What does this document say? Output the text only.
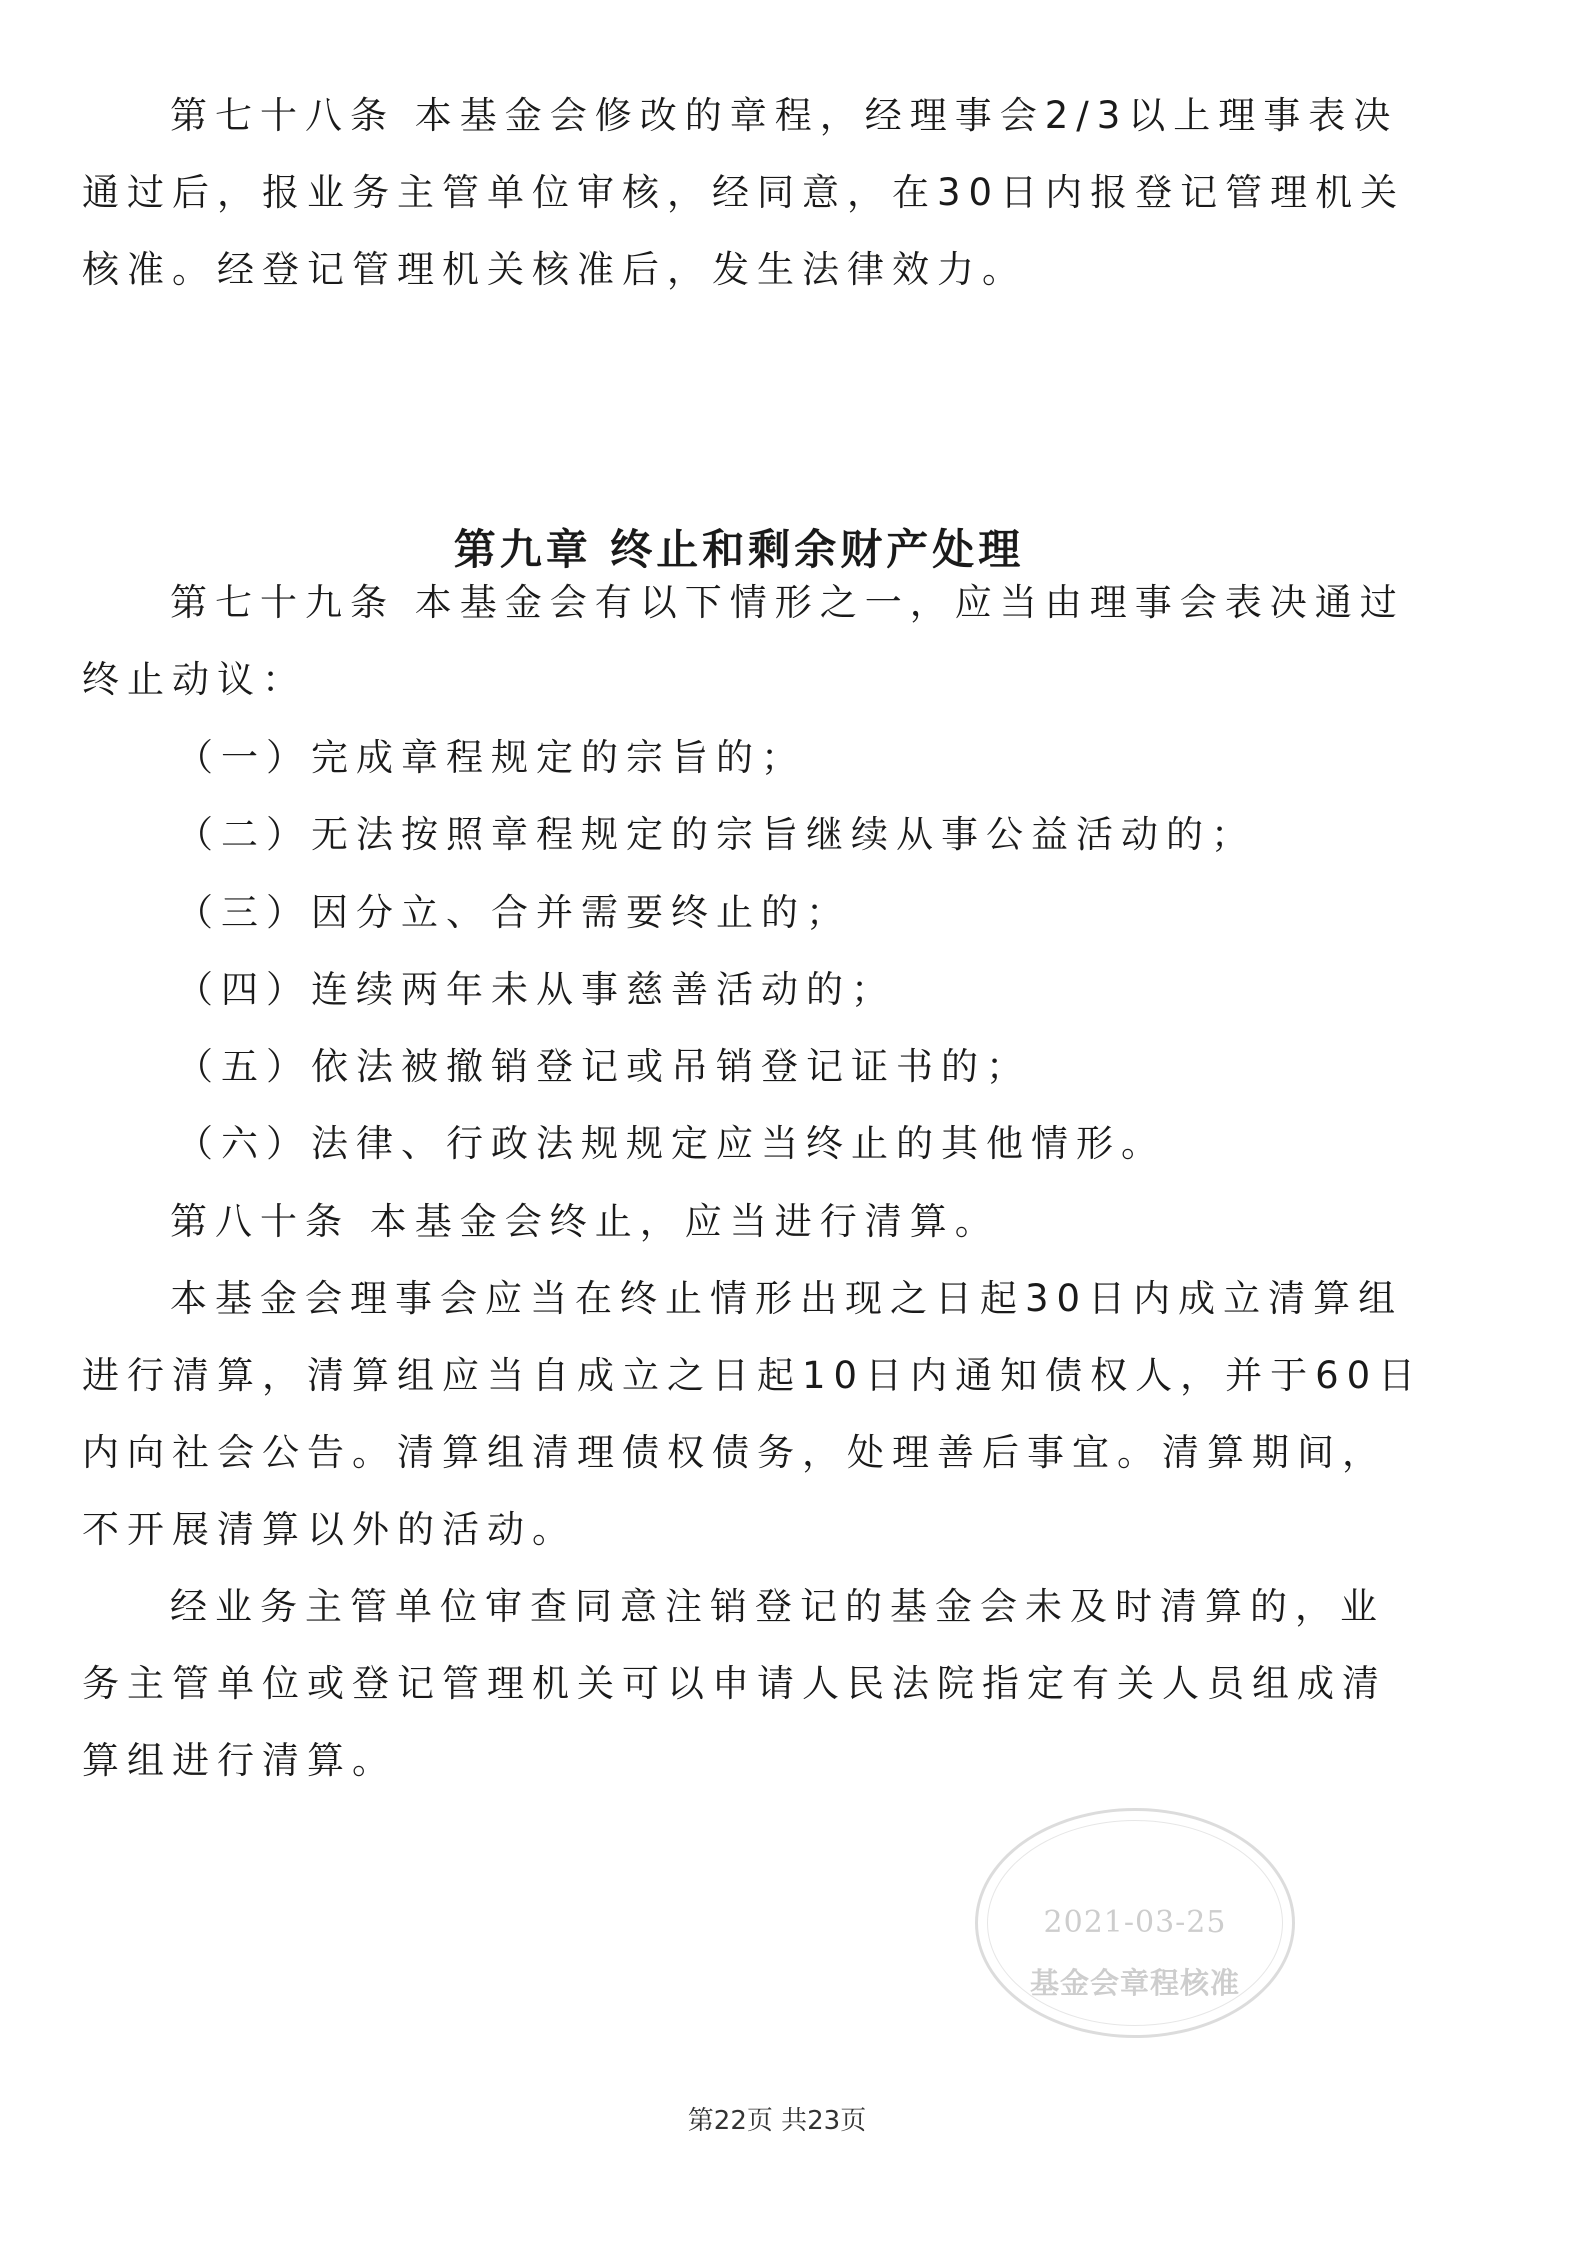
第七十八条 本基金会修改的章程，经理事会2/3以上理事表决
通过后，报业务主管单位审核，经同意，在30日内报登记管理机关
核准。经登记管理机关核准后，发生法律效力。
第九章 终止和剩余财产处理
第七十九条 本基金会有以下情形之一，应当由理事会表决通过
终止动议：
（一）完成章程规定的宗旨的；
（二）无法按照章程规定的宗旨继续从事公益活动的；
（三）因分立、合并需要终止的；
（四）连续两年未从事慈善活动的；
（五）依法被撤销登记或吊销登记证书的；
（六）法律、行政法规规定应当终止的其他情形。
第八十条 本基金会终止，应当进行清算。
本基金会理事会应当在终止情形出现之日起30日内成立清算组
进行清算，清算组应当自成立之日起10日内通知债权人，并于60日
内向社会公告。清算组清理债权债务，处理善后事宜。清算期间，
不开展清算以外的活动。
经业务主管单位审查同意注销登记的基金会未及时清算的，业
务主管单位或登记管理机关可以申请人民法院指定有关人员组成清
算组进行清算。
2021-03-25
基金会章程核准
第22页 共23页
